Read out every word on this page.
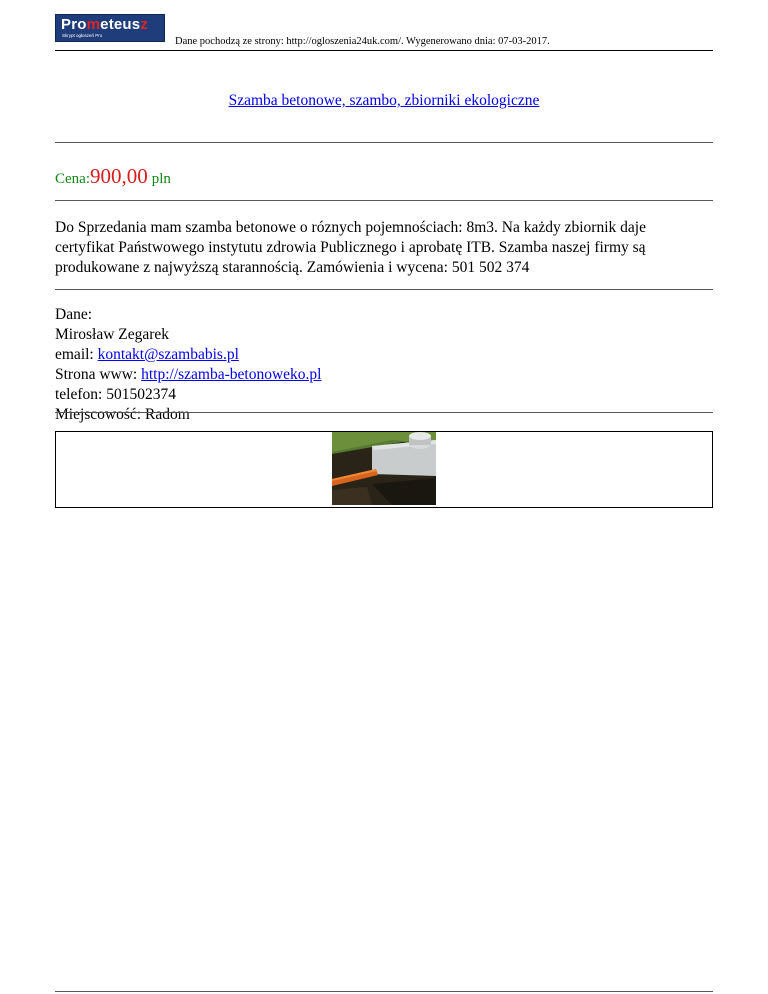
Prometeusz
Skrypt ogłoszeń Pro
Dane pochodzą ze strony: http://ogloszenia24uk.com/. Wygenerowano dnia: 07-03-2017.
Szamba betonowe, szambo, zbiorniki ekologiczne
Cena:900,00 pln
Do Sprzedania mam szamba betonowe o róznych pojemnościach: 8m3. Na każdy zbiornik daje certyfikat Państwowego instytutu zdrowia Publicznego i aprobatę ITB. Szamba naszej firmy są produkowane z najwyższą starannością. Zamówienia i wycena: 501 502 374
Dane:
Mirosław Zegarek
email: kontakt@szambabis.pl
Strona www: http://szamba-betonoweko.pl
telefon: 501502374
Miejscowość: Radom
